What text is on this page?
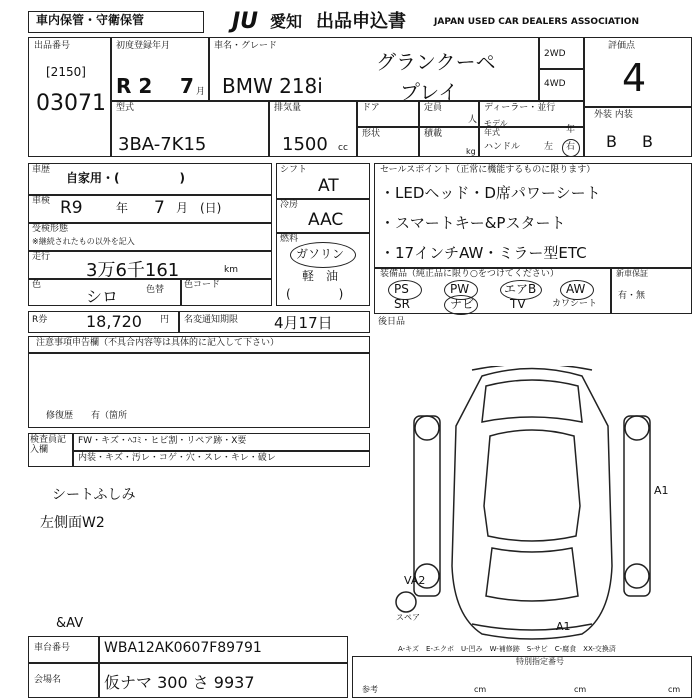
車内保管・守衛保管	JU 愛知 出品申込書	JAPAN USED CAR DEALERS ASSOCIATION
出品番号
[2150]
03071
初度登録年月
R 2 7 月
車名・グレード
グランクーペ
BMW 218i	プレイ
2WD
4WD
評価点
4
外装 内装
B B
型式
3BA-7K15
排気量
1500 cc
ドア	定員
人
形状	積載
kg
ディーラー・並行
モデル年式	年
ハンドル	左 右
車歴
自家用・(　　　　　)
車検 R9	年 7 月 (日)
受検形態
※継続されたもの以外を記入
走行
3万6千161	km
色
シロ	色替 色コード
シフト
AT
冷房
AAC
燃料
ガソリン
軽　油
(　　　　)
セールスポイント（正常に機能するものに限ります）
・LEDヘッド・D席パワーシート
・スマートキー&Pスタート
・17インチAW・ミラー型ETC
装備品（純正品に限り○をつけてください）
PS	PW	エアB AW
SR	ナビ	TV	カワシート
新車保証
有・無
R券 18,720 円 名変通知期限 4月17日
注意事項申告欄（不具合内容等は具体的に記入して下さい）
修復歴　　有（箇所
後日品
検査員記入欄
FW・キズ・ﾍｺﾐ・ヒビ割・リペア跡・X要
内装・キズ・汚レ・コゲ・穴・スレ・キレ・破レ
シートふしみ
左側面W2
&AV
A1
A1
VA2
スペア
A-キズ　E-エクボ　U-凹み　W-補修跡　S-サビ　C-腐食　XX-交換済
車台番号 WBA12AK0607F89791
会場名	仮ナマ 300 さ 9937
特別指定番号
参考	cm	cm	cm
